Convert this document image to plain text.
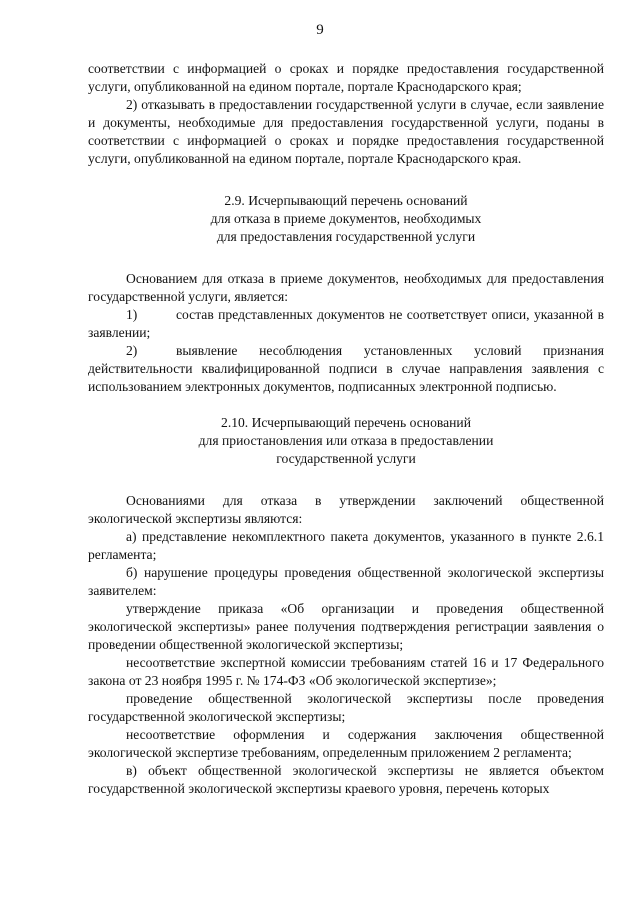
9

соответствии с информацией о сроках и порядке предоставления государственной услуги, опубликованной на едином портале, портале Краснодарского края;

2) отказывать в предоставлении государственной услуги в случае, если заявление и документы, необходимые для предоставления государственной услуги, поданы в соответствии с информацией о сроках и порядке предоставления государственной услуги, опубликованной на едином портале, портале Краснодарского края.

2.9. Исчерпывающий перечень оснований

для отказа в приеме документов, необходимых

для предоставления государственной услуги

Основанием для отказа в приеме документов, необходимых для предоставления государственной услуги, является:

1)	состав представленных документов не соответствует описи, указанной в заявлении;

2)	выявление несоблюдения установленных условий признания действительности квалифицированной подписи в случае направления заявления с использованием электронных документов, подписанных электронной подписью.

2.10. Исчерпывающий перечень оснований

для приостановления или отказа в предоставлении

государственной услуги

Основаниями для отказа в утверждении заключений общественной экологической экспертизы являются:

а) представление некомплектного пакета документов, указанного в пункте 2.6.1 регламента;

б) нарушение процедуры проведения общественной экологической экспертизы заявителем:

утверждение приказа «Об организации и проведения общественной экологической экспертизы» ранее получения подтверждения регистрации заявления о проведении общественной экологической экспертизы;

несоответствие экспертной комиссии требованиям статей 16 и 17 Федерального закона от 23 ноября 1995 г. № 174-ФЗ «Об экологической экспертизе»;

проведение общественной экологической экспертизы после проведения государственной экологической экспертизы;

несоответствие оформления и содержания заключения общественной экологической экспертизе требованиям, определенным приложением 2 регламента;

в) объект общественной экологической экспертизы не является объектом государственной экологической экспертизы краевого уровня, перечень которых
